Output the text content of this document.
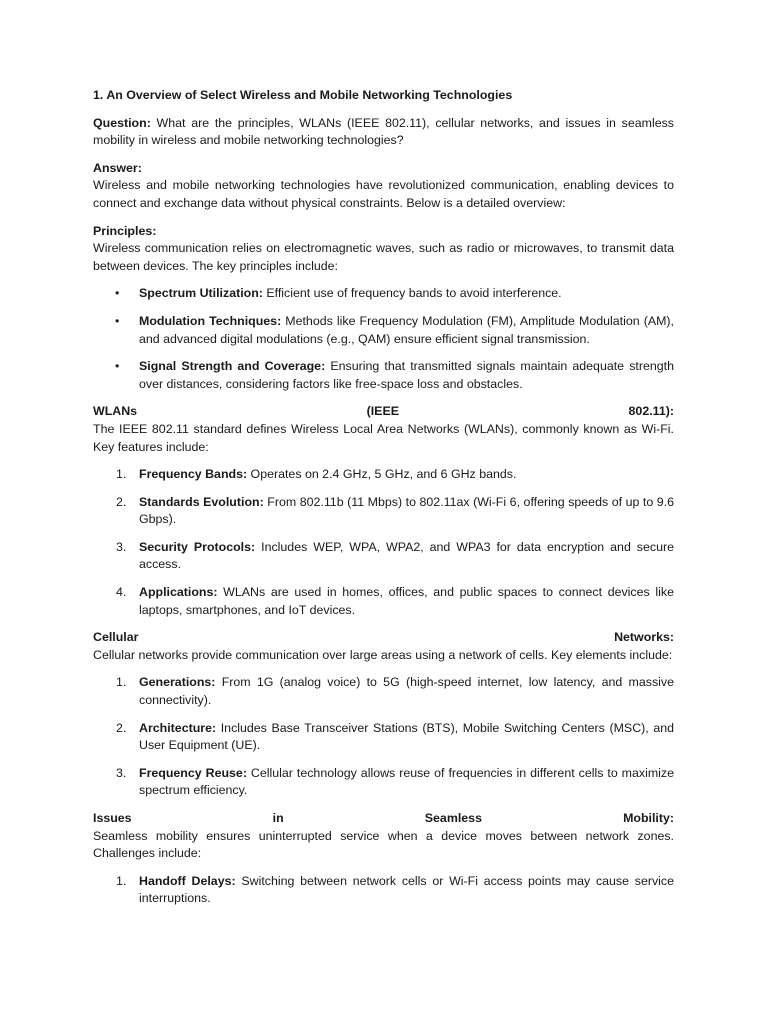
1. An Overview of Select Wireless and Mobile Networking Technologies

Question: What are the principles, WLANs (IEEE 802.11), cellular networks, and issues in seamless mobility in wireless and mobile networking technologies?

Answer:
Wireless and mobile networking technologies have revolutionized communication, enabling devices to connect and exchange data without physical constraints. Below is a detailed overview:

Principles:
Wireless communication relies on electromagnetic waves, such as radio or microwaves, to transmit data between devices. The key principles include:

• Spectrum Utilization: Efficient use of frequency bands to avoid interference.
• Modulation Techniques: Methods like Frequency Modulation (FM), Amplitude Modulation (AM), and advanced digital modulations (e.g., QAM) ensure efficient signal transmission.
• Signal Strength and Coverage: Ensuring that transmitted signals maintain adequate strength over distances, considering factors like free-space loss and obstacles.
WLANs	(IEEE	802.11):

The IEEE 802.11 standard defines Wireless Local Area Networks (WLANs), commonly known as Wi-Fi. Key features include:

1. Frequency Bands: Operates on 2.4 GHz, 5 GHz, and 6 GHz bands.
2. Standards Evolution: From 802.11b (11 Mbps) to 802.11ax (Wi-Fi 6, offering speeds of up to 9.6 Gbps).
3. Security Protocols: Includes WEP, WPA, WPA2, and WPA3 for data encryption and secure access.
4. Applications: WLANs are used in homes, offices, and public spaces to connect devices like laptops, smartphones, and IoT devices.
Cellular	Networks:

Cellular networks provide communication over large areas using a network of cells. Key elements include:

1. Generations: From 1G (analog voice) to 5G (high-speed internet, low latency, and massive connectivity).
2. Architecture: Includes Base Transceiver Stations (BTS), Mobile Switching Centers (MSC), and User Equipment (UE).
3. Frequency Reuse: Cellular technology allows reuse of frequencies in different cells to maximize spectrum efficiency.
Issues	in	Seamless	Mobility:

Seamless mobility ensures uninterrupted service when a device moves between network zones. Challenges include:

1. Handoff Delays: Switching between network cells or Wi-Fi access points may cause service interruptions.
